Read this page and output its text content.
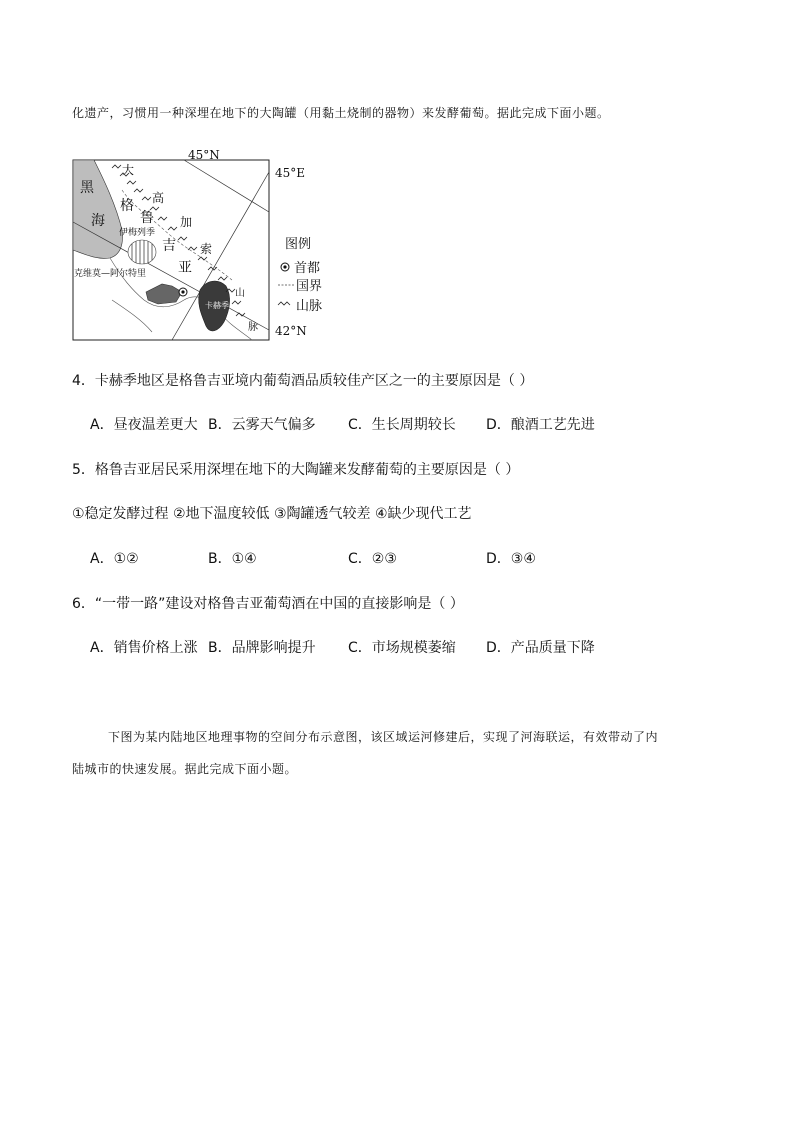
化遗产，习惯用一种深埋在地下的大陶罐（用黏土烧制的器物）来发酵葡萄。据此完成下面小题。
卡赫季
45°N
45°E
42°N
黑
海
大
高
加
索
山
脉
格
鲁
吉
亚
伊梅列季
克维莫—阿尔特里
图例
首都
国界
山脉
4．卡赫季地区是格鲁吉亚境内葡萄酒品质较佳产区之一的主要原因是（ ）
A．昼夜温差更大 B．云雾天气偏多 C．生长周期较长 D．酿酒工艺先进
5．格鲁吉亚居民采用深埋在地下的大陶罐来发酵葡萄的主要原因是（ ）
①稳定发酵过程 ②地下温度较低 ③陶罐透气较差 ④缺少现代工艺
A．①②	B．①④	C．②③	D．③④
6．“一带一路”建设对格鲁吉亚葡萄酒在中国的直接影响是（ ）
A．销售价格上涨 B．品牌影响提升 C．市场规模萎缩 D．产品质量下降
下图为某内陆地区地理事物的空间分布示意图，该区域运河修建后，实现了河海联运，有效带动了内
陆城市的快速发展。据此完成下面小题。
